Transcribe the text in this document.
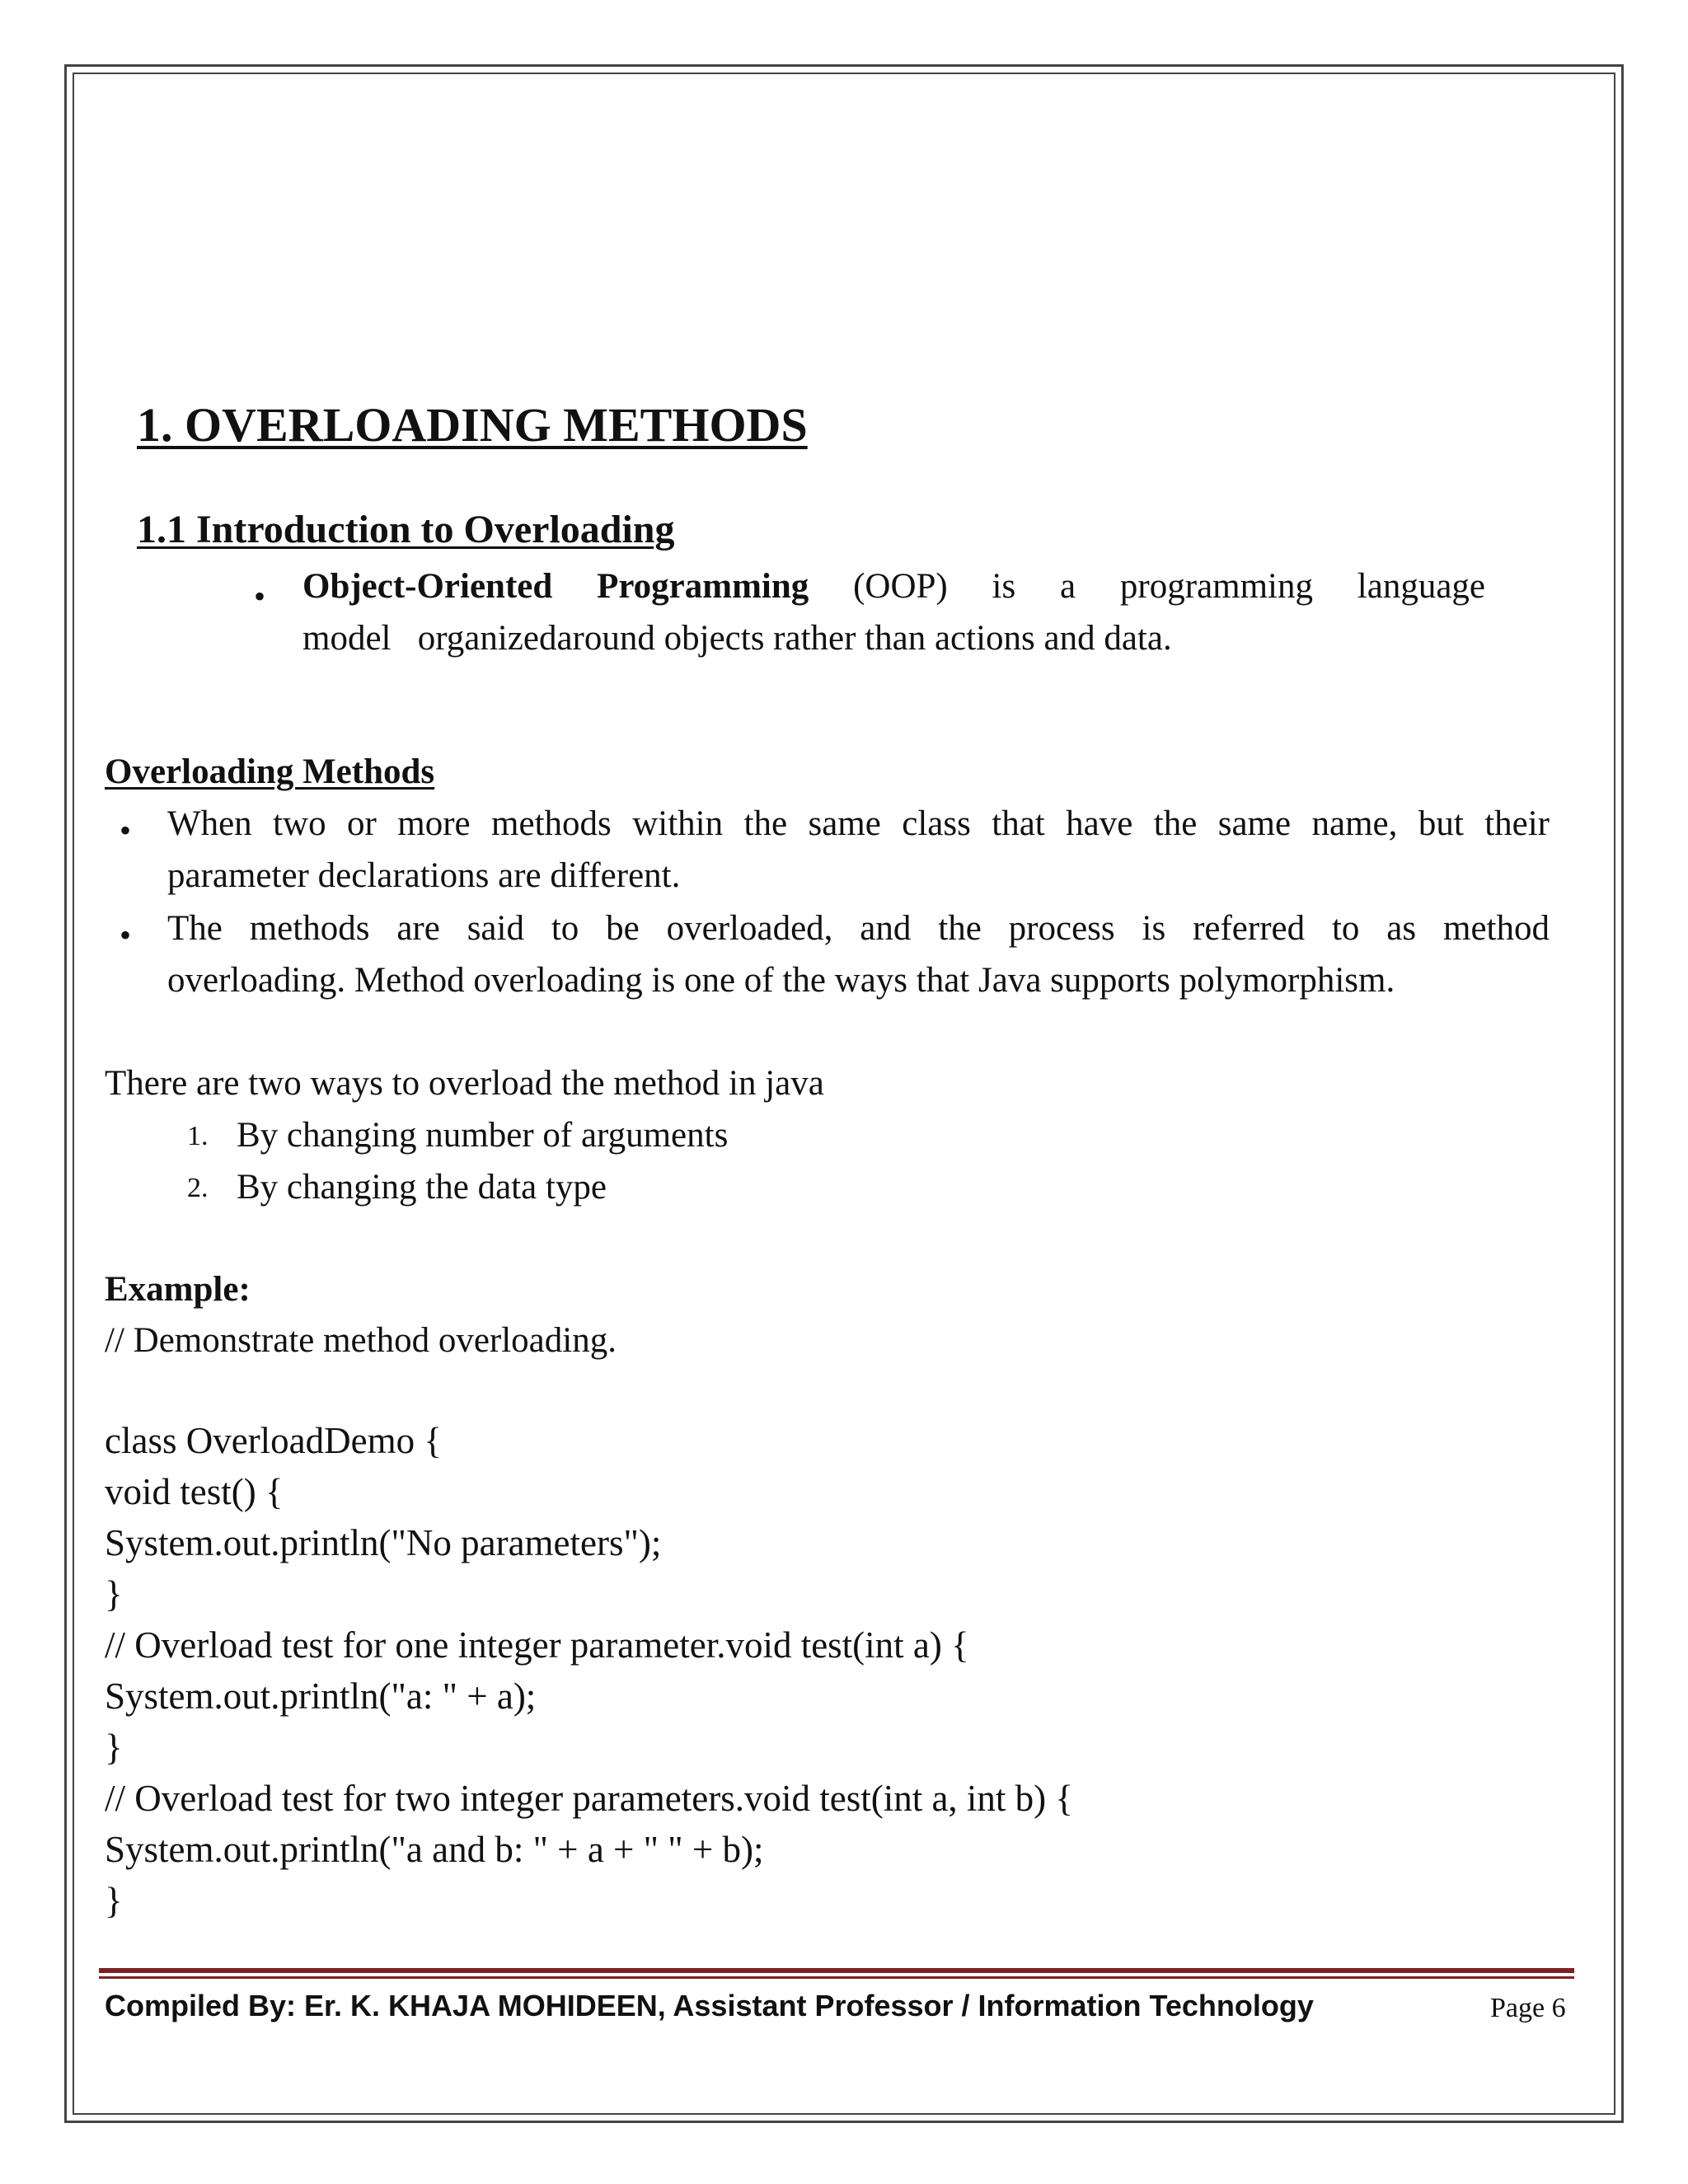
1. OVERLOADING METHODS
1.1 Introduction to Overloading
• Object-Oriented Programming (OOP) is a programming language
model   organizedaround objects rather than actions and data.
Overloading Methods
• When two or more methods within the same class that have the same name, but their
parameter declarations are different.
• The methods are said to be overloaded, and the process is referred to as method
overloading. Method overloading is one of the ways that Java supports polymorphism.
There are two ways to overload the method in java
1. By changing number of arguments
2. By changing the data type
Example:
// Demonstrate method overloading.
class OverloadDemo {
void test() {
System.out.println("No parameters");
}
// Overload test for one integer parameter.void test(int a) {
System.out.println("a: " + a);
}
// Overload test for two integer parameters.void test(int a, int b) {
System.out.println("a and b: " + a + " " + b);
}
Compiled By: Er. K. KHAJA MOHIDEEN, Assistant Professor / Information Technology	Page 6
